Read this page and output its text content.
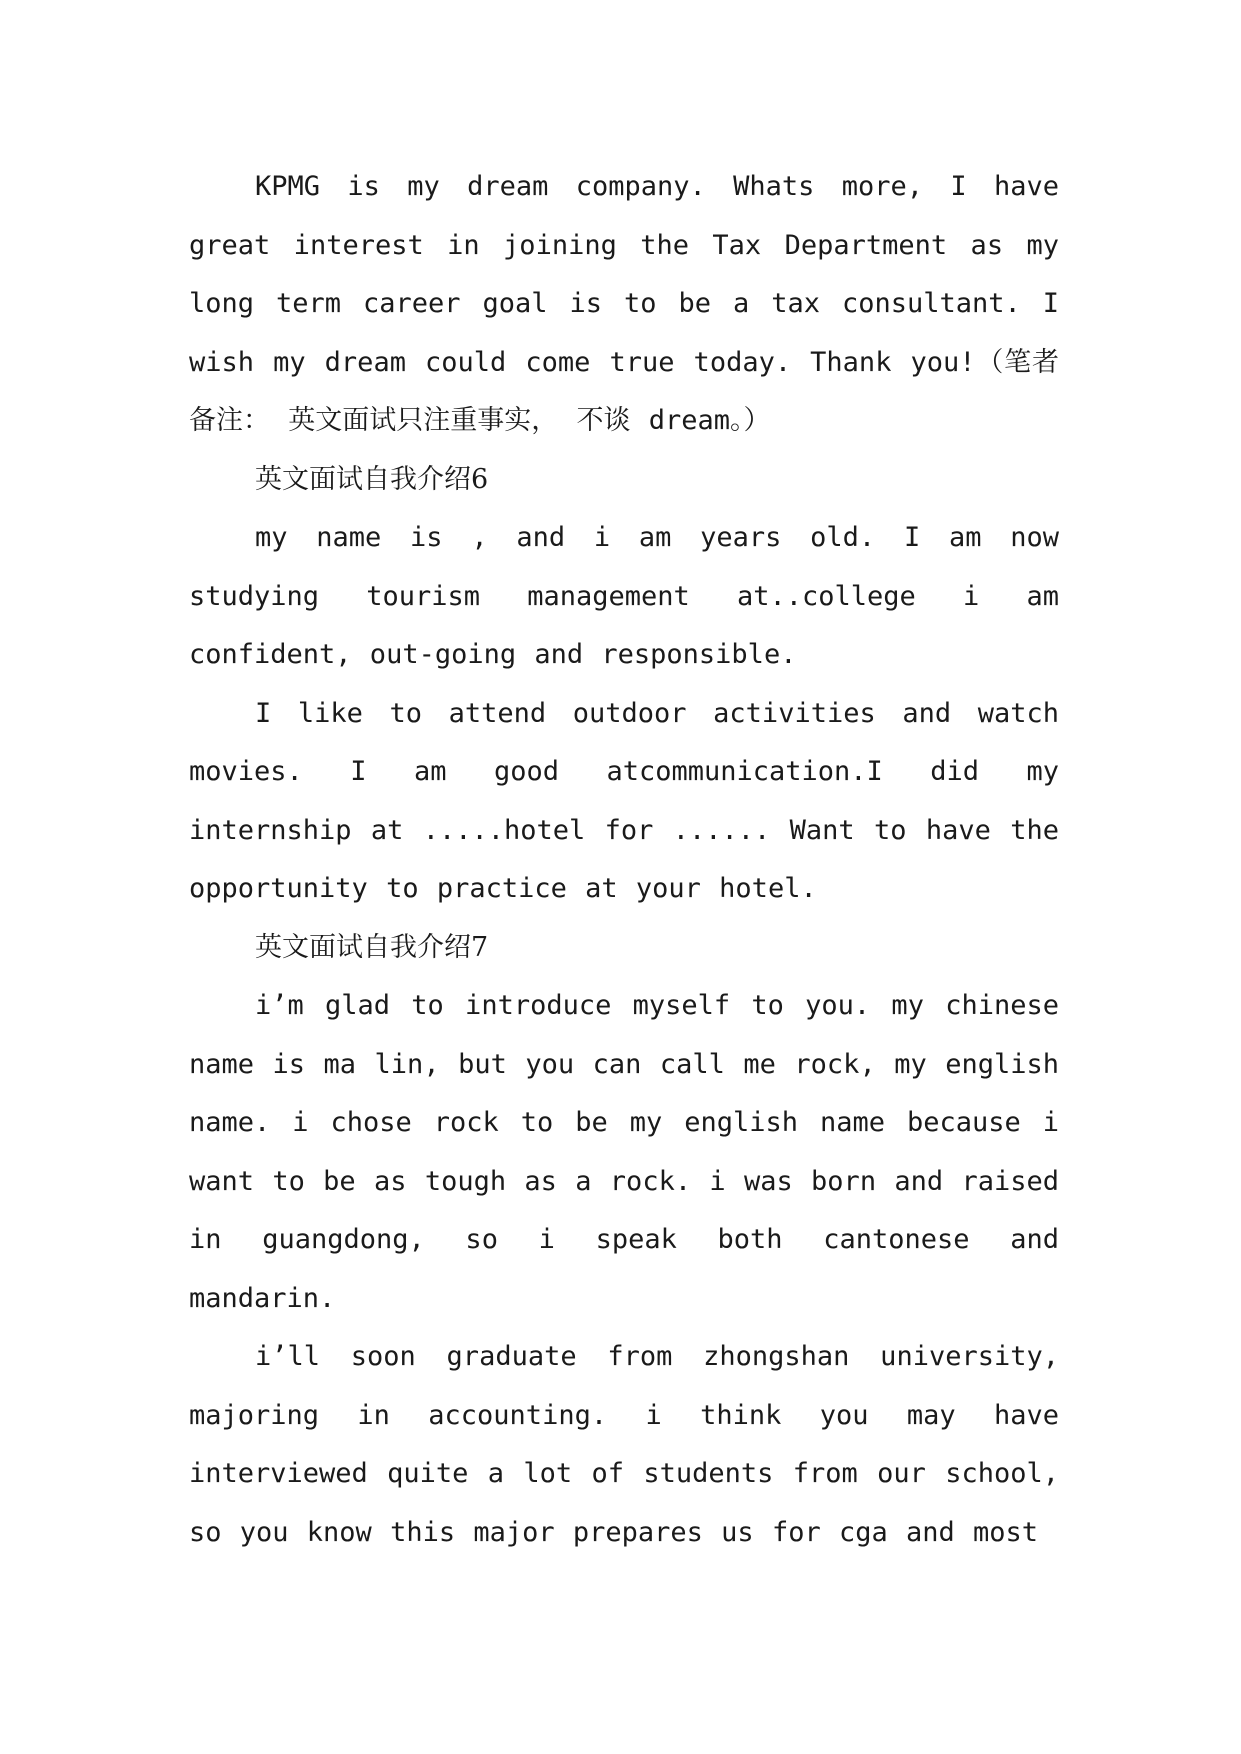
KPMG is my dream company. Whats more, I have great interest in joining the Tax Department as my long term career goal is to be a tax consultant. I wish my dream could come true today. Thank you!（笔者备注： 英文面试只注重事实， 不谈 dream。）

英文面试自我介绍6

my name is , and i am years old. I am now studying tourism management at..college i am confident, out-going and responsible.

I like to attend outdoor activities and watch movies. I am good atcommunication.I did my internship at .....hotel for ...... Want to have the opportunity to practice at your hotel.

英文面试自我介绍7

i’m glad to introduce myself to you. my chinese name is ma lin, but you can call me rock, my english name. i chose rock to be my english name because i want to be as tough as a rock. i was born and raised in guangdong, so i speak both cantonese and mandarin.

i’ll soon graduate from zhongshan university, majoring in accounting. i think you may have interviewed quite a lot of students from our school, so you know this major prepares us for cga and most
